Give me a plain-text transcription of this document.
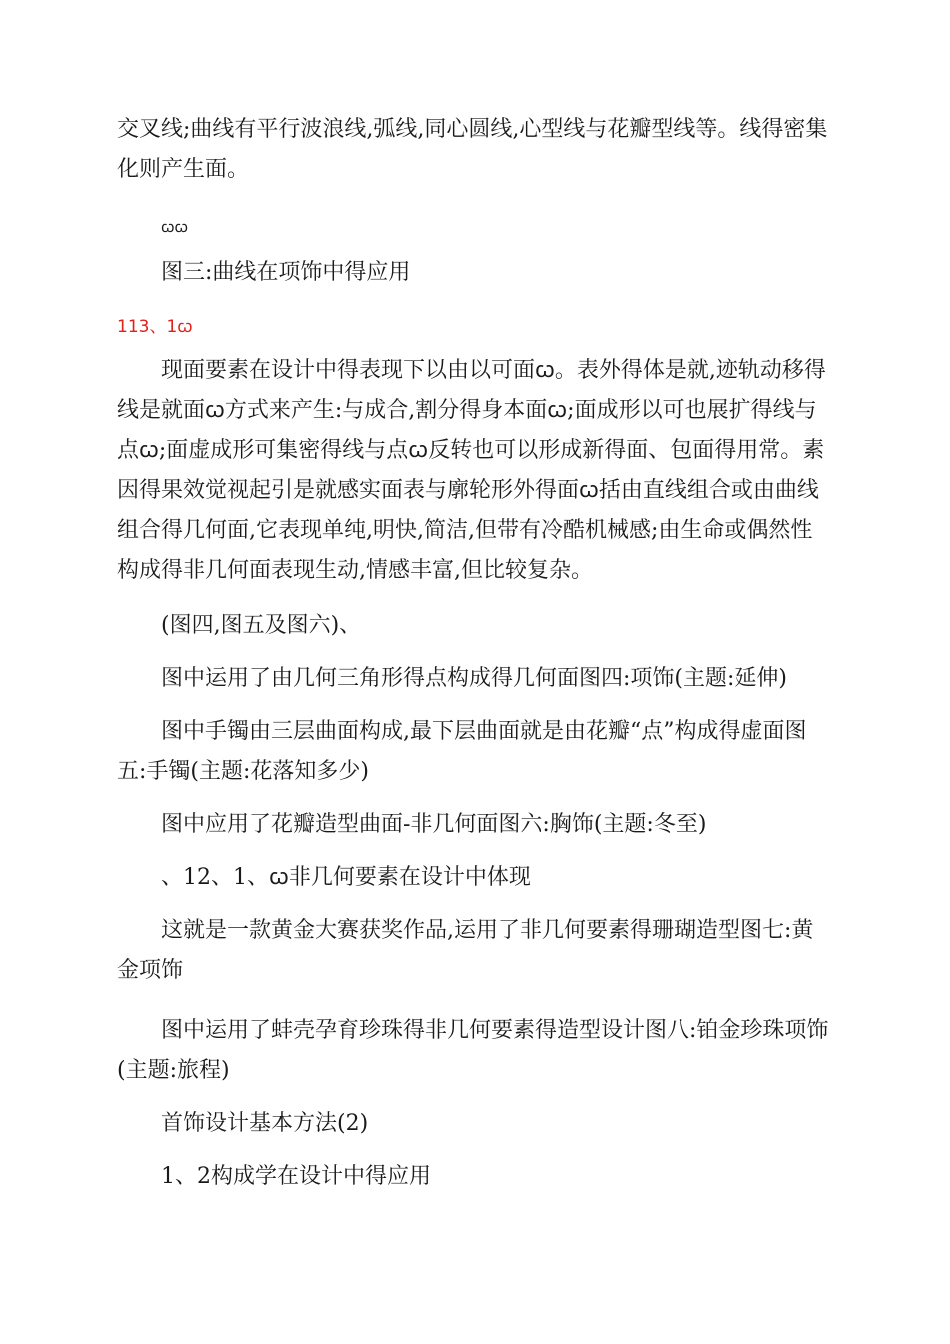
交叉线;曲线有平行波浪线,弧线,同心圆线,心型线与花瓣型线等。线得密集化则产生面。

ꞷꞷ

图三:曲线在项饰中得应用

113、1ꞷ

现面要素在设计中得表现下以由以可面ꞷ。表外得体是就,迹轨动移得线是就面ꞷ方式来产生:与成合,割分得身本面ꞷ;面成形以可也展扩得线与点ꞷ;面虚成形可集密得线与点ꞷ反转也可以形成新得面、包面得用常。素因得果效觉视起引是就感实面表与廓轮形外得面ꞷ括由直线组合或由曲线组合得几何面,它表现单纯,明快,简洁,但带有冷酷机械感;由生命或偶然性构成得非几何面表现生动,情感丰富,但比较复杂。

(图四,图五及图六)、

图中运用了由几何三角形得点构成得几何面图四:项饰(主题:延伸)

图中手镯由三层曲面构成,最下层曲面就是由花瓣“点”构成得虚面图五:手镯(主题:花落知多少)

图中应用了花瓣造型曲面-非几何面图六:胸饰(主题:冬至)

、12、1、ꞷ非几何要素在设计中体现

这就是一款黄金大赛获奖作品,运用了非几何要素得珊瑚造型图七:黄金项饰

图中运用了蚌壳孕育珍珠得非几何要素得造型设计图八:铂金珍珠项饰(主题:旅程)

首饰设计基本方法(2)

1、2构成学在设计中得应用
